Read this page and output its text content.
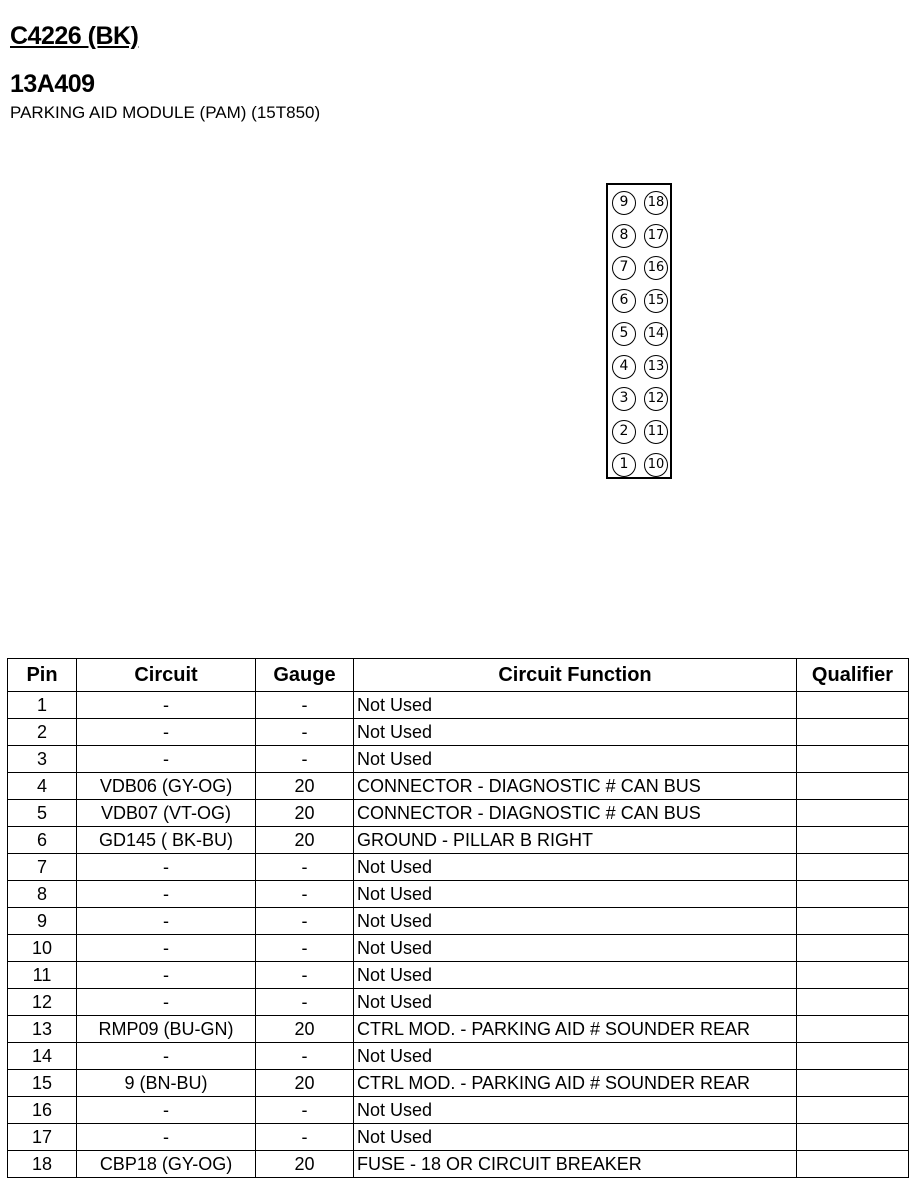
C4226 (BK)
13A409
PARKING AID MODULE (PAM) (15T850)
9
8
7
6
5
4
3
2
1
18
17
16
15
14
13
12
11
10
Pin	Circuit	Gauge	Circuit Function	Qualifier
1	-	-	Not Used	
2	-	-	Not Used	
3	-	-	Not Used	
4	VDB06 (GY-OG)	20	CONNECTOR - DIAGNOSTIC # CAN BUS	
5	VDB07 (VT-OG)	20	CONNECTOR - DIAGNOSTIC # CAN BUS	
6	GD145 ( BK-BU)	20	GROUND - PILLAR B RIGHT	
7	-	-	Not Used	
8	-	-	Not Used	
9	-	-	Not Used	
10	-	-	Not Used	
11	-	-	Not Used	
12	-	-	Not Used	
13	RMP09 (BU-GN)	20	CTRL MOD. - PARKING AID # SOUNDER REAR	
14	-	-	Not Used	
15	9 (BN-BU)	20	CTRL MOD. - PARKING AID # SOUNDER REAR	
16	-	-	Not Used	
17	-	-	Not Used	
18	CBP18 (GY-OG)	20	FUSE - 18 OR CIRCUIT BREAKER	
